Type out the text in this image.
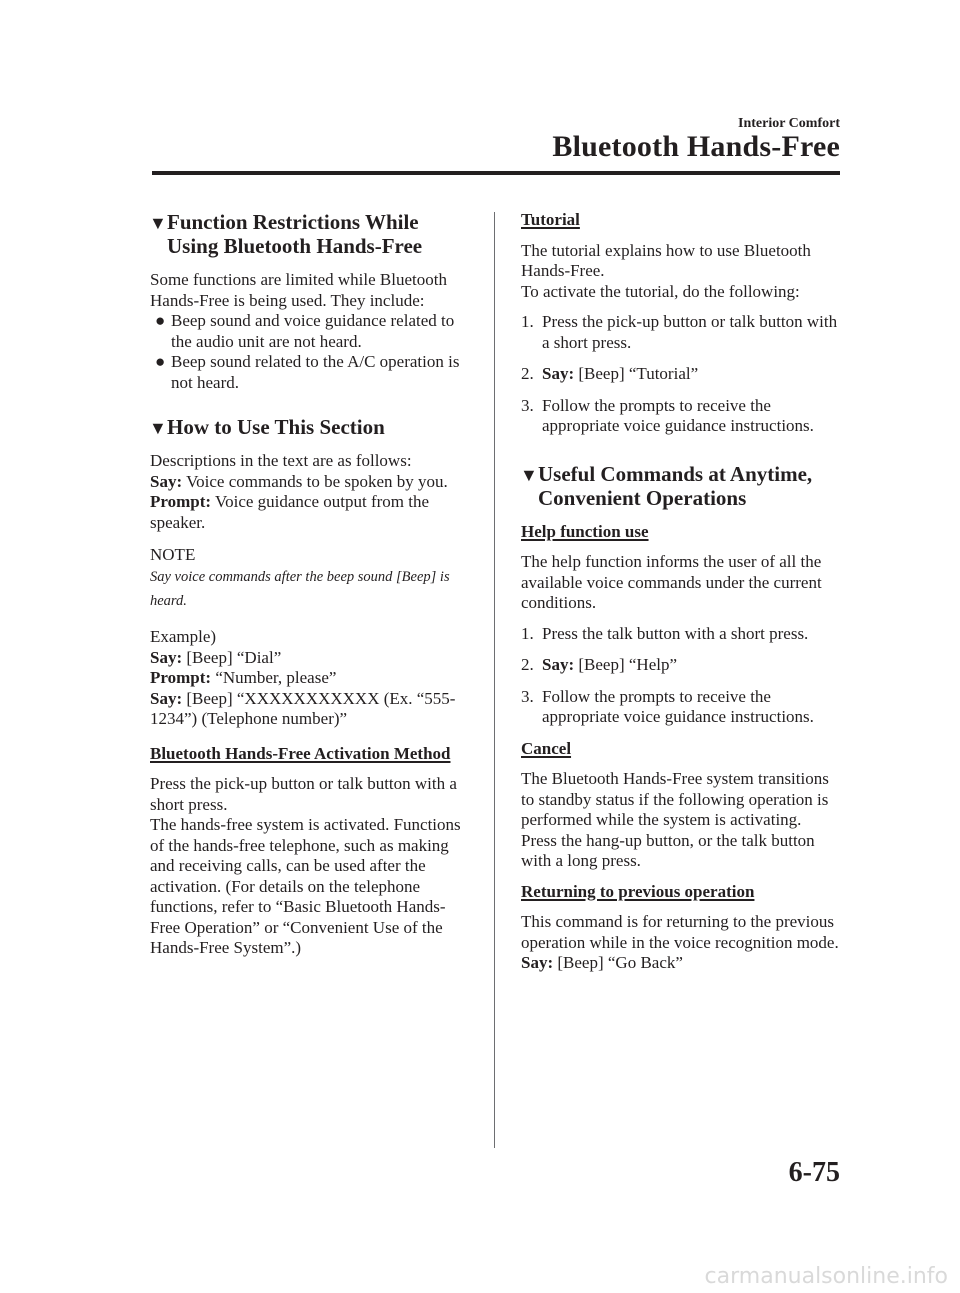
Interior Comfort
Bluetooth Hands-Free
▼ Function Restrictions While Using Bluetooth Hands-Free

Some functions are limited while Bluetooth Hands-Free is being used. They include:

● Beep sound and voice guidance related to the audio unit are not heard.
● Beep sound related to the A/C operation is not heard.
▼ How to Use This Section

Descriptions in the text are as follows:

Say: Voice commands to be spoken by you.

Prompt: Voice guidance output from the speaker.

NOTE
Say voice commands after the beep sound [Beep] is heard.

Example)

Say: [Beep] “Dial”

Prompt: “Number, please”

Say: [Beep] “XXXXXXXXXXX (Ex. “555-1234”) (Telephone number)”

Bluetooth Hands-Free Activation Method

Press the pick-up button or talk button with a short press.
The hands-free system is activated. Functions of the hands-free telephone, such as making and receiving calls, can be used after the activation. (For details on the telephone functions, refer to “Basic Bluetooth Hands-Free Operation” or “Convenient Use of the Hands-Free System”.)

Tutorial

The tutorial explains how to use Bluetooth Hands-Free.
To activate the tutorial, do the following:

1. Press the pick-up button or talk button with a short press.
2. Say: [Beep] “Tutorial”
3. Follow the prompts to receive the appropriate voice guidance instructions.
▼ Useful Commands at Anytime, Convenient Operations

Help function use

The help function informs the user of all the available voice commands under the current conditions.

1. Press the talk button with a short press.
2. Say: [Beep] “Help”
3. Follow the prompts to receive the appropriate voice guidance instructions.

Cancel

The Bluetooth Hands-Free system transitions to standby status if the following operation is performed while the system is activating.
Press the hang-up button, or the talk button with a long press.

Returning to previous operation

This command is for returning to the previous operation while in the voice recognition mode.

Say: [Beep] “Go Back”

6-75
carmanualsonline.info
